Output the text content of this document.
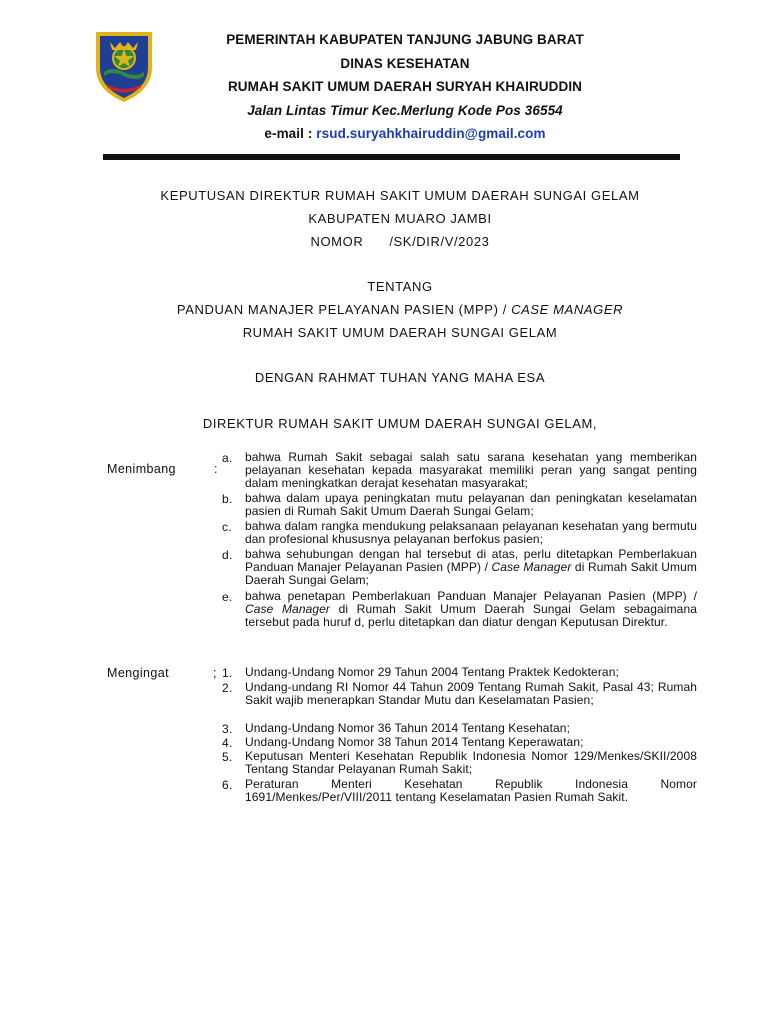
PEMERINTAH KABUPATEN TANJUNG JABUNG BARAT
DINAS KESEHATAN
RUMAH SAKIT UMUM DAERAH SURYAH KHAIRUDDIN
Jalan Lintas Timur Kec.Merlung Kode Pos 36554
e-mail : rsud.suryahkhairuddin@gmail.com
KEPUTUSAN DIREKTUR RUMAH SAKIT UMUM DAERAH SUNGAI GELAM
KABUPATEN MUARO JAMBI
NOMOR /SK/DIR/V/2023
TENTANG
PANDUAN MANAJER PELAYANAN PASIEN (MPP) / CASE MANAGER
RUMAH SAKIT UMUM DAERAH SUNGAI GELAM
DENGAN RAHMAT TUHAN YANG MAHA ESA
DIREKTUR RUMAH SAKIT UMUM DAERAH SUNGAI GELAM,
Menimbang	:
a.	bahwa Rumah Sakit sebagai salah satu sarana kesehatan yang memberikan pelayanan kesehatan kepada masyarakat memiliki peran yang sangat penting dalam meningkatkan derajat kesehatan masyarakat;
b.	bahwa dalam upaya peningkatan mutu pelayanan dan peningkatan keselamatan pasien di Rumah Sakit Umum Daerah Sungai Gelam;
c.	bahwa dalam rangka mendukung pelaksanaan pelayanan kesehatan yang bermutu dan profesional khususnya pelayanan berfokus pasien;
d.	bahwa sehubungan dengan hal tersebut di atas, perlu ditetapkan Pemberlakuan Panduan Manajer Pelayanan Pasien (MPP) / Case Manager di Rumah Sakit Umum Daerah Sungai Gelam;
e.	bahwa penetapan Pemberlakuan Panduan Manajer Pelayanan Pasien (MPP) / Case Manager di Rumah Sakit Umum Daerah Sungai Gelam sebagaimana tersebut pada huruf d, perlu ditetapkan dan diatur dengan Keputusan Direktur.
Mengingat	; 1.	Undang-Undang Nomor 29 Tahun 2004 Tentang Praktek Kedokteran;
2.	Undang-undang RI Nomor 44 Tahun 2009 Tentang Rumah Sakit, Pasal 43; Rumah Sakit wajib menerapkan Standar Mutu dan Keselamatan Pasien;
3.	Undang-Undang Nomor 36 Tahun 2014 Tentang Kesehatan;
4.	Undang-Undang Nomor 38 Tahun 2014 Tentang Keperawatan;
5.	Keputusan Menteri Kesehatan Republik Indonesia Nomor 129/Menkes/SKII/2008 Tentang Standar Pelayanan Rumah Sakit;
6.	Peraturan Menteri Kesehatan Republik Indonesia Nomor 1691/Menkes/Per/VIII/2011 tentang Keselamatan Pasien Rumah Sakit.
